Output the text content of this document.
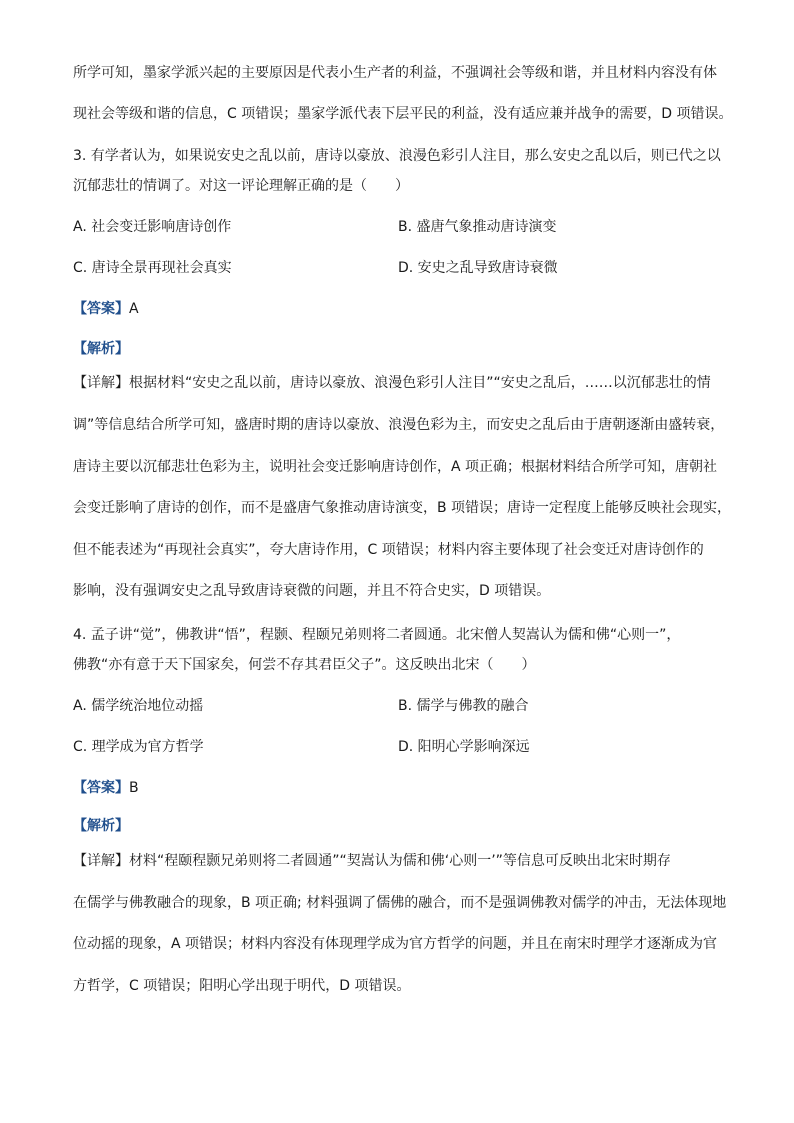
所学可知，墨家学派兴起的主要原因是代表小生产者的利益，不强调社会等级和谐，并且材料内容没有体
现社会等级和谐的信息，C 项错误；墨家学派代表下层平民的利益，没有适应兼并战争的需要，D 项错误。
3. 有学者认为，如果说安史之乱以前，唐诗以豪放、浪漫色彩引人注目，那么安史之乱以后，则已代之以
沉郁悲壮的情调了。对这一评论理解正确的是（　　）
A. 社会变迁影响唐诗创作	B. 盛唐气象推动唐诗演变
C. 唐诗全景再现社会真实	D. 安史之乱导致唐诗衰微
【答案】A
【解析】
【详解】根据材料“安史之乱以前，唐诗以豪放、浪漫色彩引人注目”“安史之乱后，……以沉郁悲壮的情
调”等信息结合所学可知，盛唐时期的唐诗以豪放、浪漫色彩为主，而安史之乱后由于唐朝逐渐由盛转衰，
唐诗主要以沉郁悲壮色彩为主，说明社会变迁影响唐诗创作，A 项正确；根据材料结合所学可知，唐朝社
会变迁影响了唐诗的创作，而不是盛唐气象推动唐诗演变，B 项错误；唐诗一定程度上能够反映社会现实，
但不能表述为“再现社会真实”，夸大唐诗作用，C 项错误；材料内容主要体现了社会变迁对唐诗创作的
影响，没有强调安史之乱导致唐诗衰微的问题，并且不符合史实，D 项错误。
4. 孟子讲“觉”，佛教讲“悟”，程颢、程颐兄弟则将二者圆通。北宋僧人契嵩认为儒和佛“心则一”，
佛教“亦有意于天下国家矣，何尝不存其君臣父子”。这反映出北宋（　　）
A. 儒学统治地位动摇	B. 儒学与佛教的融合
C. 理学成为官方哲学	D. 阳明心学影响深远
【答案】B
【解析】
【详解】材料“程颐程颢兄弟则将二者圆通”“契嵩认为儒和佛‘心则一’”等信息可反映出北宋时期存
在儒学与佛教融合的现象，B 项正确; 材料强调了儒佛的融合，而不是强调佛教对儒学的冲击，无法体现地
位动摇的现象，A 项错误；材料内容没有体现理学成为官方哲学的问题，并且在南宋时理学才逐渐成为官
方哲学，C 项错误；阳明心学出现于明代，D 项错误。
